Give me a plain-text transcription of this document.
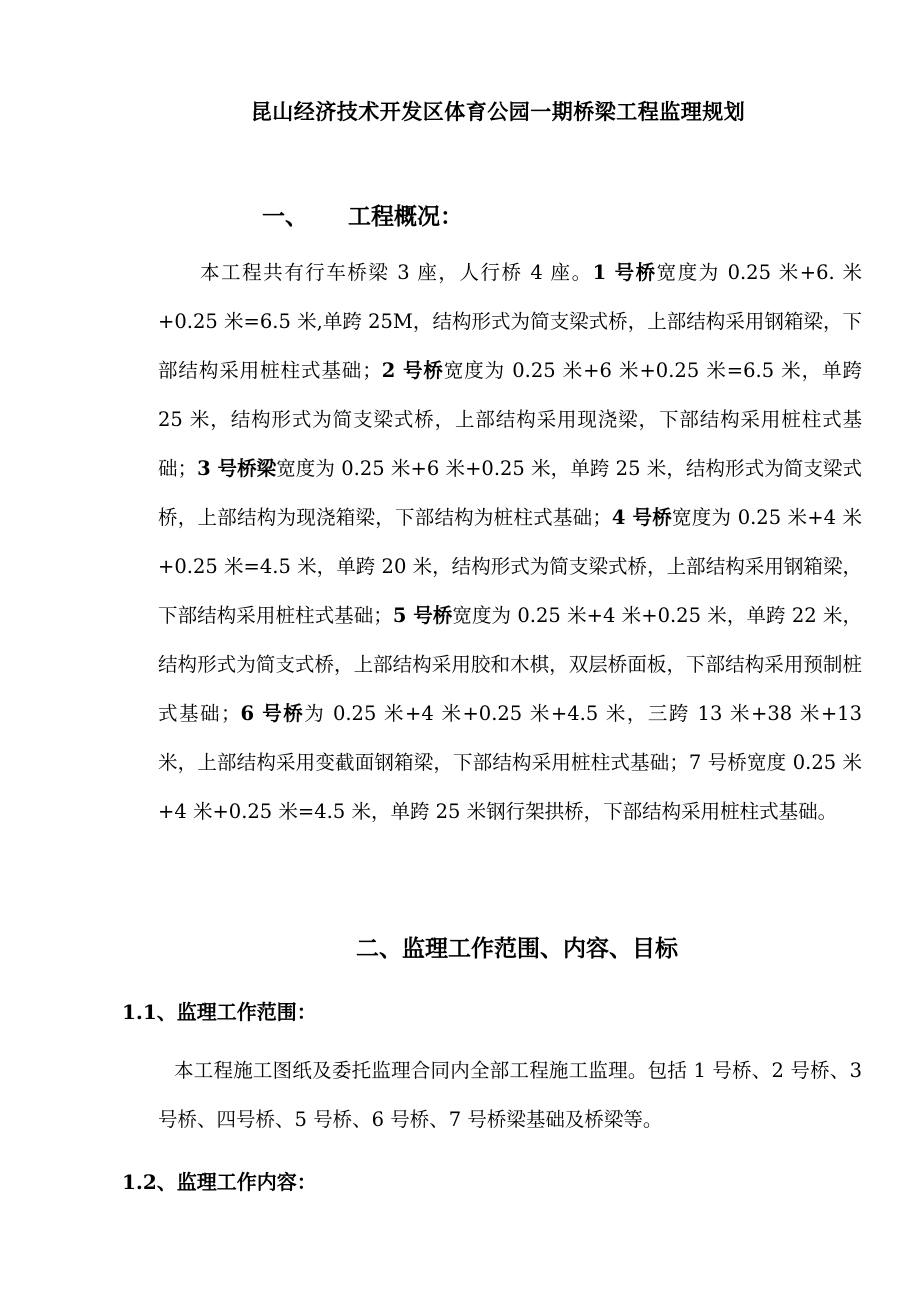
昆山经济技术开发区体育公园一期桥梁工程监理规划
一、 工程概况：

本工程共有行车桥梁 3 座，人行桥 4 座。1 号桥宽度为 0.25 米+6. 米+0.25 米=6.5 米,单跨 25M，结构形式为简支梁式桥，上部结构采用钢箱梁，下部结构采用桩柱式基础；2 号桥宽度为 0.25 米+6 米+0.25 米=6.5 米，单跨 25 米，结构形式为简支梁式桥，上部结构采用现浇梁，下部结构采用桩柱式基础；3 号桥梁宽度为 0.25 米+6 米+0.25 米，单跨 25 米，结构形式为简支梁式桥，上部结构为现浇箱梁，下部结构为桩柱式基础；4 号桥宽度为 0.25 米+4 米+0.25 米=4.5 米，单跨 20 米，结构形式为简支梁式桥，上部结构采用钢箱梁，下部结构采用桩柱式基础；5 号桥宽度为 0.25 米+4 米+0.25 米，单跨 22 米，结构形式为简支式桥，上部结构采用胶和木棋，双层桥面板，下部结构采用预制桩式基础；6 号桥为 0.25 米+4 米+0.25 米+4.5 米，三跨 13 米+38 米+13 米，上部结构采用变截面钢箱梁，下部结构采用桩柱式基础；7 号桥宽度 0.25 米+4 米+0.25 米=4.5 米，单跨 25 米钢行架拱桥，下部结构采用桩柱式基础。

二、监理工作范围、内容、目标
1.1、监理工作范围：

本工程施工图纸及委托监理合同内全部工程施工监理。包括 1 号桥、2 号桥、3 号桥、四号桥、5 号桥、6 号桥、7 号桥梁基础及桥梁等。

1.2、监理工作内容：
